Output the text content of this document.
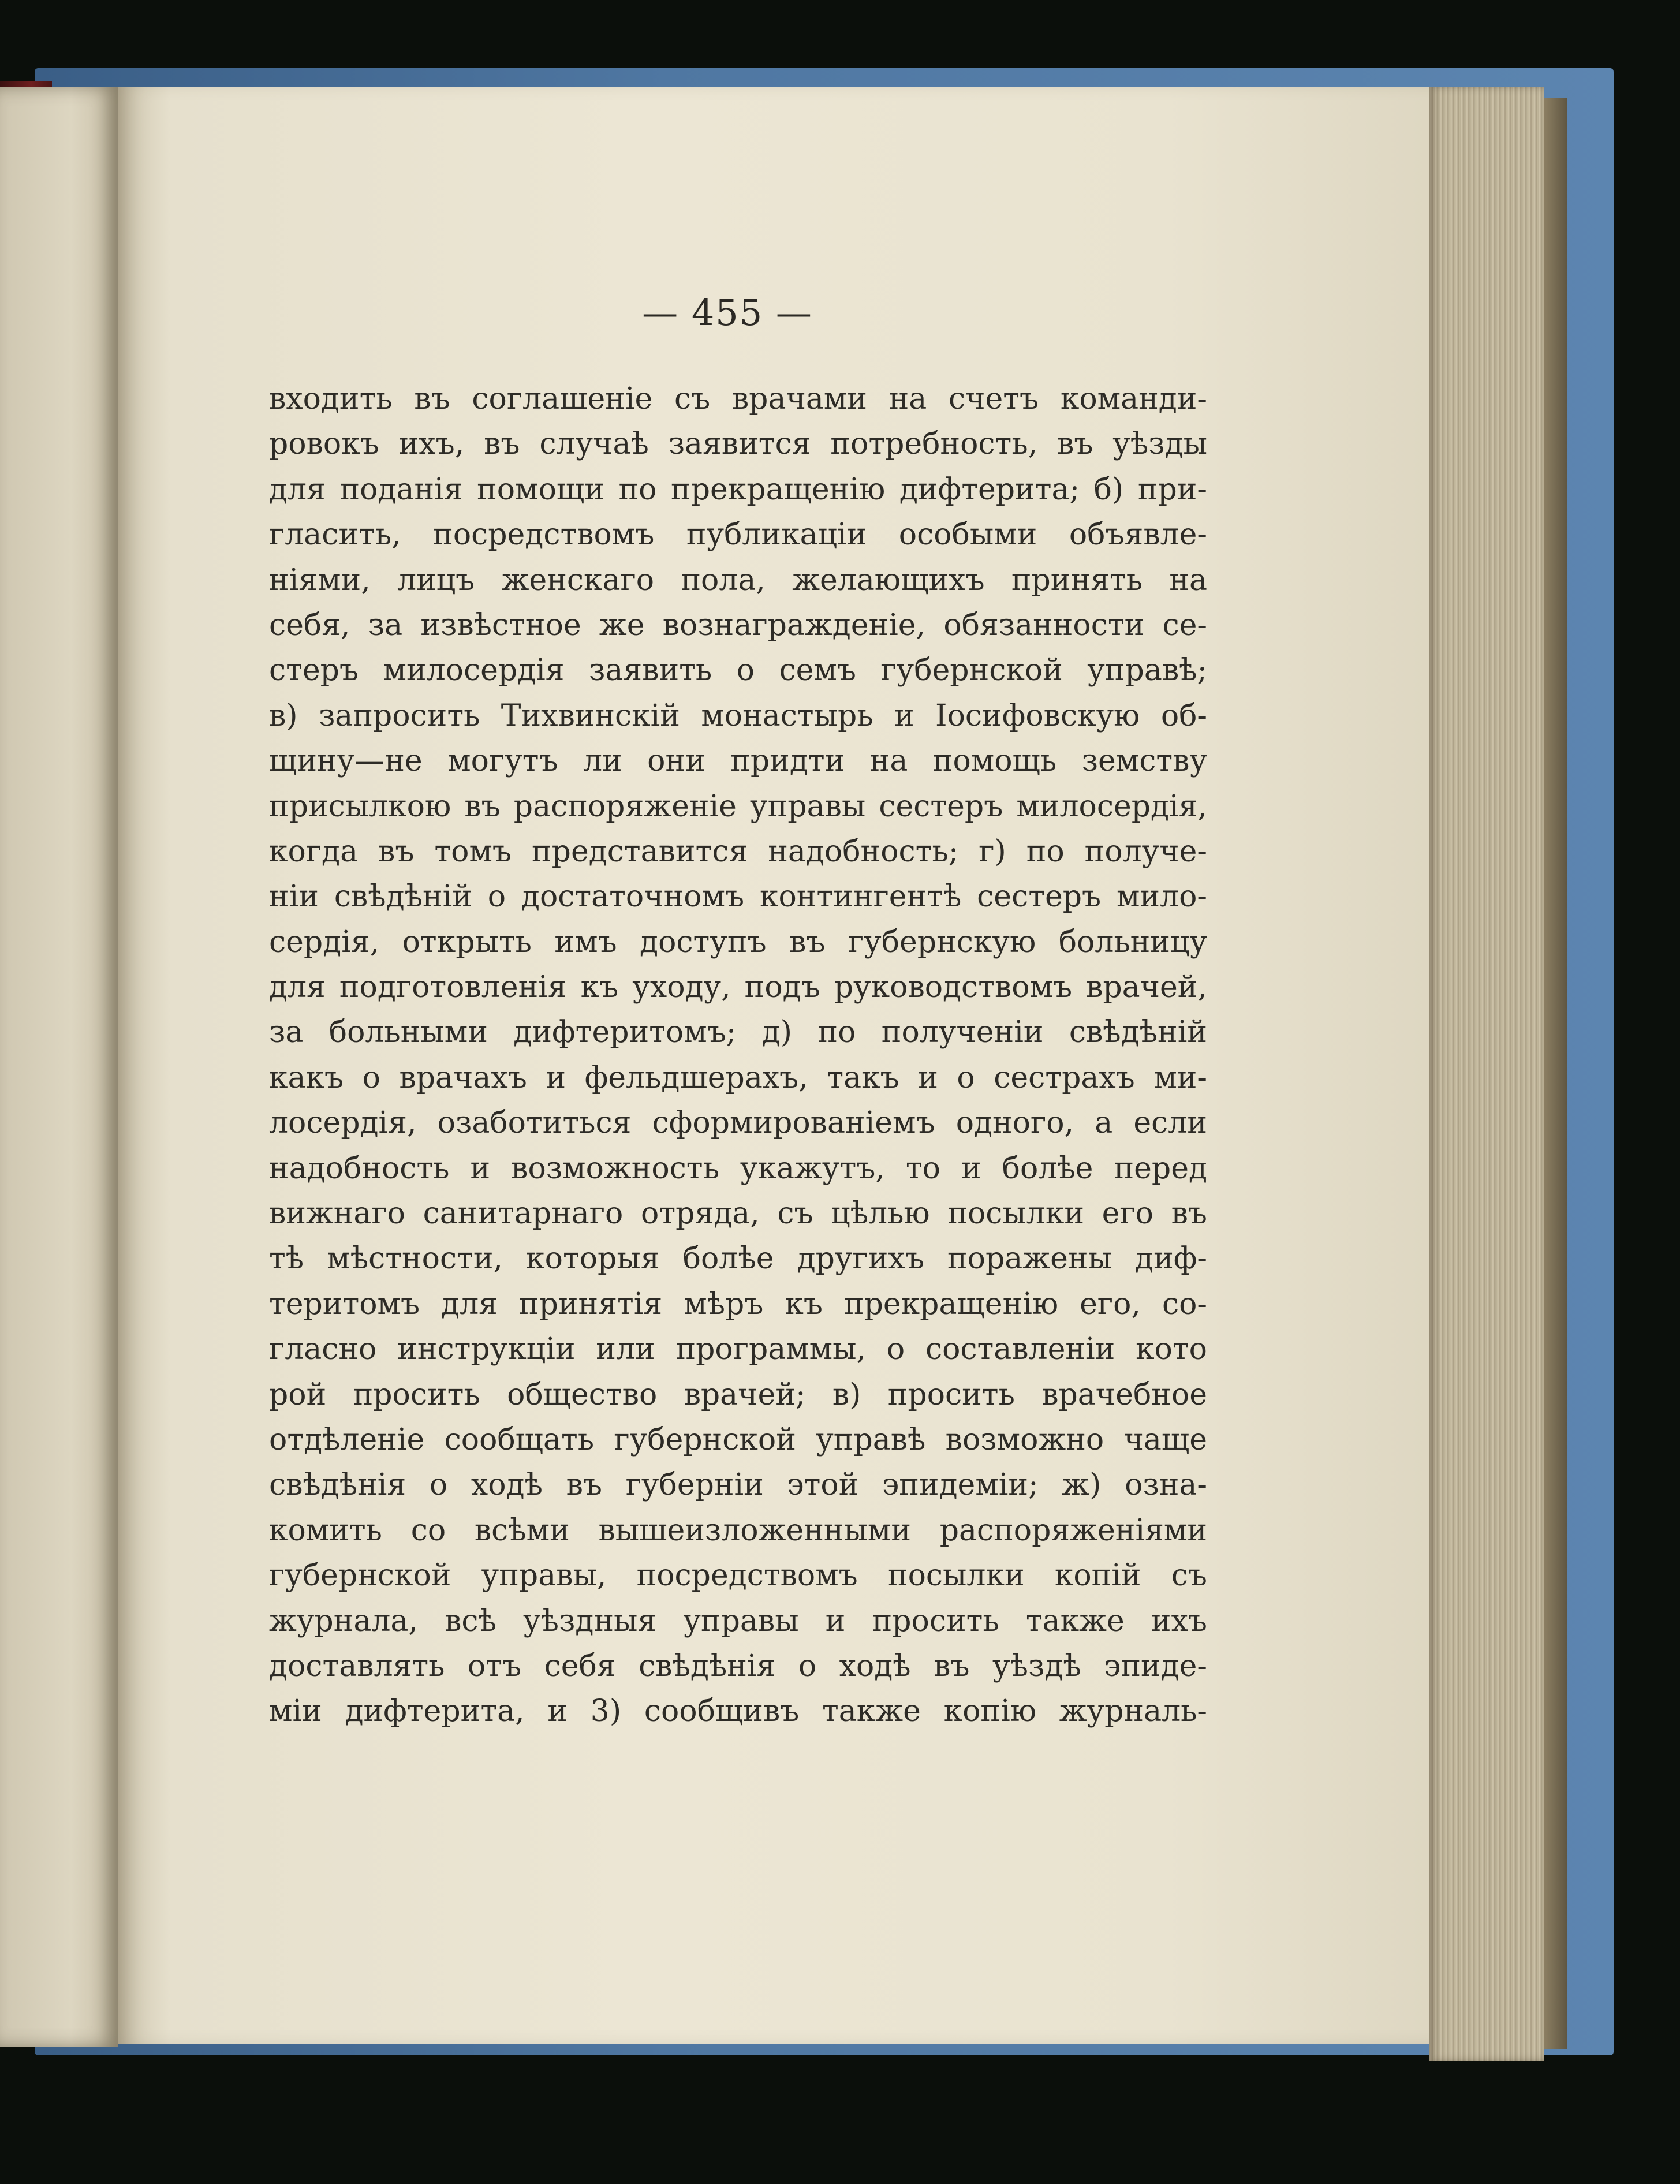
— 455 —
входить въ соглашеніе съ врачами на счетъ команди-
ровокъ ихъ, въ случаѣ заявится потребность, въ уѣзды
для поданія помощи по прекращенію дифтерита; б) при-
гласить, посредствомъ публикаціи особыми объявле-
ніями, лицъ женскаго пола, желающихъ принять на
себя, за извѣстное же вознагражденіе, обязанности се-
стеръ милосердія заявить о семъ губернской управѣ;
в) запросить Тихвинскій монастырь и Іосифовскую об-
щину—не могутъ ли они придти на помощь земству
присылкою въ распоряженіе управы сестеръ милосердія,
когда въ томъ представится надобность; г) по получе-
ніи свѣдѣній о достаточномъ контингентѣ сестеръ мило-
сердія, открыть имъ доступъ въ губернскую больницу
для подготовленія къ уходу, подъ руководствомъ врачей,
за больными дифтеритомъ; д) по полученіи свѣдѣній
какъ о врачахъ и фельдшерахъ, такъ и о сестрахъ ми-
лосердія, озаботиться сформированіемъ одного, а если
надобность и возможность укажутъ, то и болѣе перед
вижнаго санитарнаго отряда, съ цѣлью посылки его въ
тѣ мѣстности, которыя болѣе другихъ поражены диф-
теритомъ для принятія мѣръ къ прекращенію его, со-
гласно инструкціи или программы, о составленіи кото
рой просить общество врачей; в) просить врачебное
отдѣленіе сообщать губернской управѣ возможно чаще
свѣдѣнія о ходѣ въ губерніи этой эпидеміи; ж) озна-
комить со всѣми вышеизложенными распоряженіями
губернской управы, посредствомъ посылки копій съ
журнала, всѣ уѣздныя управы и просить также ихъ
доставлять отъ себя свѣдѣнія о ходѣ въ уѣздѣ эпиде-
міи дифтерита, и 3) сообщивъ также копію журналь-
